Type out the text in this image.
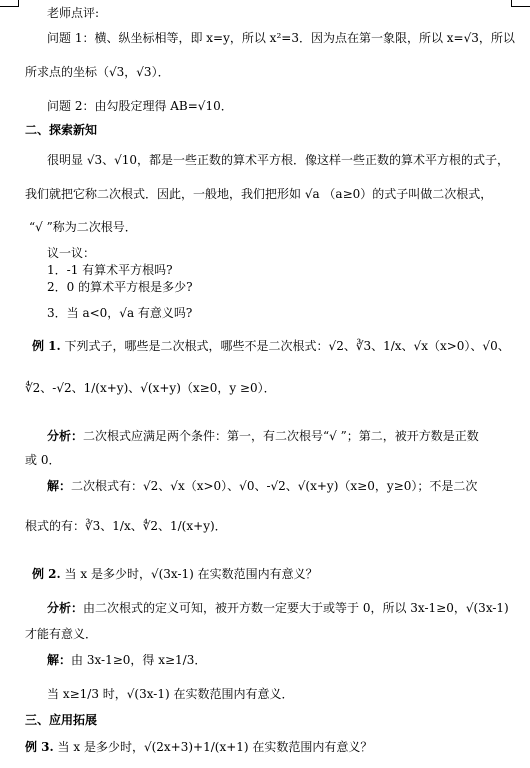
老师点评:
问题 1：横、纵坐标相等，即 x=y，所以 x²=3．因为点在第一象限，所以 x=√3，所以
所求点的坐标（√3，√3）．
问题 2：由勾股定理得 AB=√10．
二、探索新知
很明显 √3、√10，都是一些正数的算术平方根．像这样一些正数的算术平方根的式子，
我们就把它称二次根式．因此，一般地，我们把形如 √a （a≥0）的式子叫做二次根式，
“√ ”称为二次根号．
议一议：
1．-1 有算术平方根吗?
2．0 的算术平方根是多少?
3．当 a<0，√a 有意义吗?
例 1. 下列式子，哪些是二次根式，哪些不是二次根式：√2、∛3、1/x、√x（x>0）、√0、
∜2、-√2、1/(x+y)、√(x+y)（x≥0，y ≥0）．
分析：二次根式应满足两个条件：第一，有二次根号“√ ”；第二，被开方数是正数
或 0．
解：二次根式有：√2、√x（x>0）、√0、-√2、√(x+y)（x≥0，y≥0）；不是二次
根式的有：∛3、1/x、∜2、1/(x+y)．
例 2. 当 x 是多少时，√(3x-1) 在实数范围内有意义？
分析：由二次根式的定义可知，被开方数一定要大于或等于 0，所以 3x-1≥0，√(3x-1)
才能有意义．
解：由 3x-1≥0，得 x≥1/3．
当 x≥1/3 时，√(3x-1) 在实数范围内有意义．
三、应用拓展
例 3. 当 x 是多少时，√(2x+3)+1/(x+1) 在实数范围内有意义？
